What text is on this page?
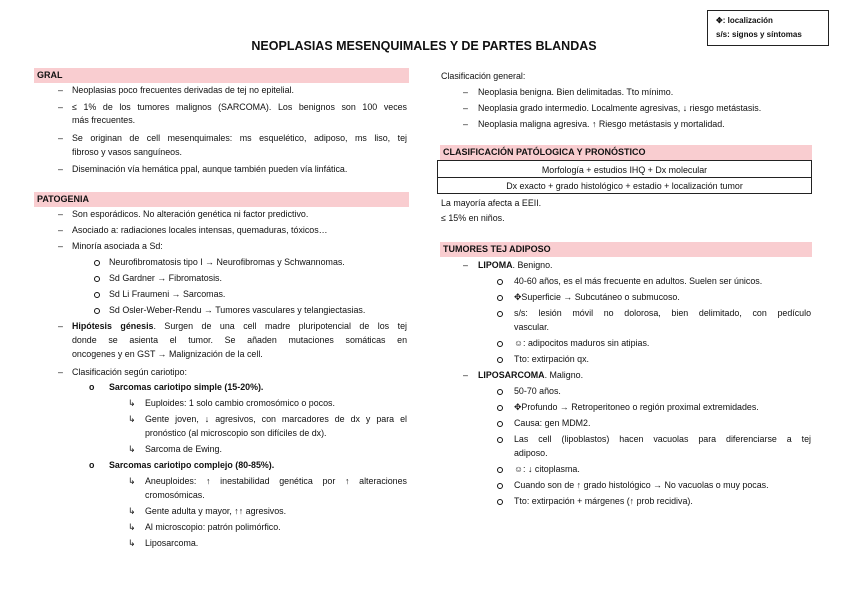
✥: localización
s/s: signos y síntomas
NEOPLASIAS MESENQUIMALES Y DE PARTES BLANDAS
GRAL
– Neoplasias poco frecuentes derivadas de tej no epitelial.
– ≤ 1% de los tumores malignos (SARCOMA). Los benignos son 100 veces
más frecuentes.
– Se originan de cell mesenquimales: ms esquelético, adiposo, ms liso, tej
fibroso y vasos sanguíneos.
– Diseminación vía hemática ppal, aunque también pueden vía linfática.
PATOGENIA
– Son esporádicos. No alteración genética ni factor predictivo.
– Asociado a: radiaciones locales intensas, quemaduras, tóxicos…
– Minoría asociada a Sd:
Neurofibromatosis tipo I → Neurofibromas y Schwannomas.
Sd Gardner → Fibromatosis.
Sd Li Fraumeni → Sarcomas.
Sd Osler-Weber-Rendu → Tumores vasculares y telangiectasias.
– Hipótesis génesis. Surgen de una cell madre pluripotencial de los tej
donde se asienta el tumor. Se añaden mutaciones somáticas en
oncogenes y en GST → Malignización de la cell.
– Clasificación según cariotipo:
o Sarcomas cariotipo simple (15-20%).
↳ Euploides: 1 solo cambio cromosómico o pocos.
↳ Gente joven, ↓ agresivos, con marcadores de dx y para el
pronóstico (al microscopio son difíciles de dx).
↳ Sarcoma de Ewing.
o Sarcomas cariotipo complejo (80-85%).
↳ Aneuploides: ↑ inestabilidad genética por ↑ alteraciones
cromosómicas.
↳ Gente adulta y mayor, ↑↑ agresivos.
↳ Al microscopio: patrón polimórfico.
↳ Liposarcoma.
Clasificación general:
– Neoplasia benigna. Bien delimitadas. Tto mínimo.
– Neoplasia grado intermedio. Localmente agresivas, ↓ riesgo metástasis.
– Neoplasia maligna agresiva. ↑ Riesgo metástasis y mortalidad.
CLASIFICACIÓN PATÓLOGICA Y PRONÓSTICO
Morfología + estudios IHQ + Dx molecular
Dx exacto + grado histológico + estadio + localización tumor
La mayoría afecta a EEII.
≤ 15% en niños.
TUMORES TEJ ADIPOSO
– LIPOMA. Benigno.
40-60 años, es el más frecuente en adultos. Suelen ser únicos.
✥Superficie → Subcutáneo o submucoso.
s/s: lesión móvil no dolorosa, bien delimitado, con pedículo
vascular.
☺: adipocitos maduros sin atipias.
Tto: extirpación qx.
– LIPOSARCOMA. Maligno.
50-70 años.
✥Profundo → Retroperitoneo o región proximal extremidades.
Causa: gen MDM2.
Las cell (lipoblastos) hacen vacuolas para diferenciarse a tej
adiposo.
☺: ↓ citoplasma.
Cuando son de ↑ grado histológico → No vacuolas o muy pocas.
Tto: extirpación + márgenes (↑ prob recidiva).
